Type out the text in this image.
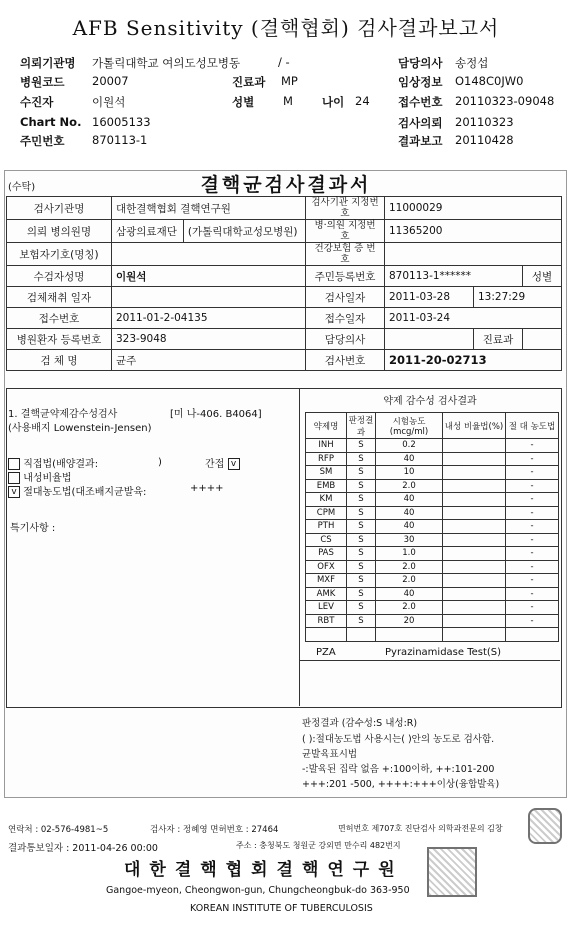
AFB Sensitivity (결핵협회) 검사결과보고서
의뢰기관명 가톨릭대학교 여의도성모병동
병원코드 20007
수진자	이원석
Chart No. 16005133
주민번호 870113-1
/ -
진료과 MP
성별	M	나이 24
담당의사 송정섭
임상정보 O148C0JW0
접수번호 20110323-09048
검사의뢰 20110323
결과보고 20110428
(수탁)	결핵균검사결과서
검사기관명	대한결핵협회 결핵연구원		검사기관 지정번호	11000029		
의뢰 병의원명	삼광의료재단	(가톨릭대학교성모병원)	병·의원 지정번호	11365200		
보험자기호(명칭)			건강보험 증 번 호			
수검자성명	이원석		주민등록번호	870113-1******		성별
검체채취 일자			검사일자	2011-03-28	13:27:29	
접수번호	2011-01-2-04135		접수일자	2011-03-24		
병원환자 등록번호	323-9048		담당의사		진료과	
검 체 명	균주		검사번호	2011-20-02713		
1. 결핵균약제감수성검사	[미 나-406. B4064]
(사용배지 Lowenstein-Jensen)
직접법(배양결과:	)	간접 v
내성비율법
v 절대농도법(대조배지균발육:	++++
특기사항 :
약제 감수성 검사결과
약제명	판정결과	시험농도(mcg/ml)	내성 비율법(%)	절 대 농도법
INH	S	0.2		-
RFP	S	40		-
SM	S	10		-
EMB	S	2.0		-
KM	S	40		-
CPM	S	40		-
PTH	S	40		-
CS	S	30		-
PAS	S	1.0		-
OFX	S	2.0		-
MXF	S	2.0		-
AMK	S	40		-
LEV	S	2.0		-
RBT	S	20		-

PZA	Pyrazinamidase Test(S)
판정결과 (감수성:S 내성:R)
( ):절대농도법 사용시는( )안의 농도로 검사함.
균발육표시법
-:발육된 집락 없음 +:100이하, ++:101-200
+++:201 -500, ++++:+++이상(융합발육)
연락처 : 02-576-4981~5	검사자 : 정혜영 면허번호 : 27464	면허번호 제707호 진단검사 의학과전문의 김창
결과통보일자 : 2011-04-26 00:00	주소 : 충청북도 청원군 강외면 만수리 482번지
대한결핵협회결핵연구원
Gangoe-myeon, Cheongwon-gun, Chungcheongbuk-do 363-950
KOREAN INSTITUTE OF TUBERCULOSIS
